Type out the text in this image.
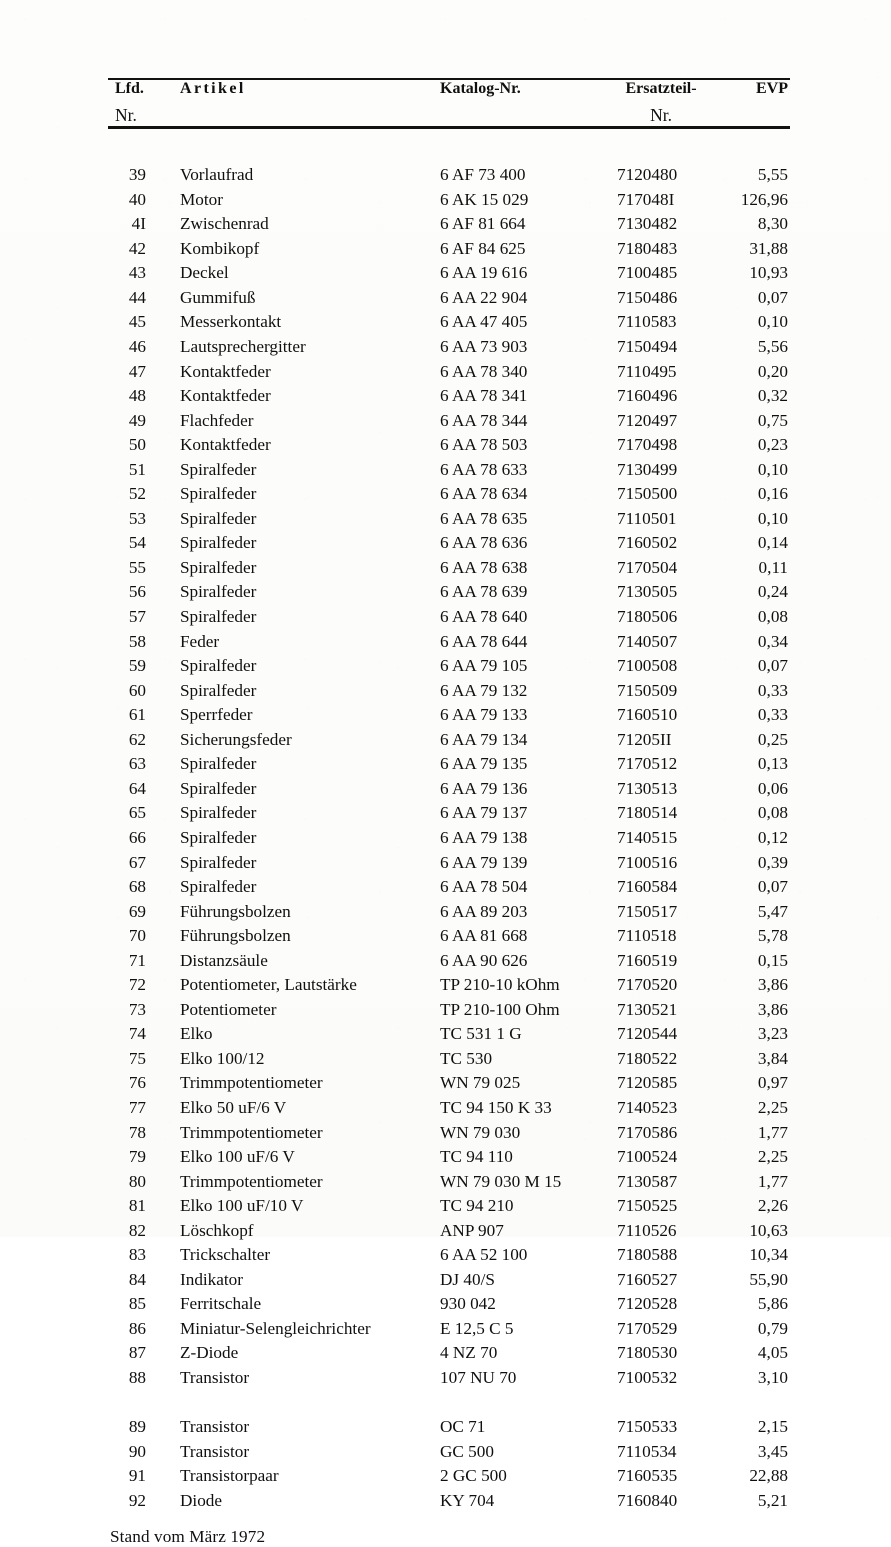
Lfd.	Artikel	Katalog-Nr.	Ersatzteil-	EVP
Nr.			Nr.	
39	Vorlaufrad	6 AF 73 400	7120480	5,55
40	Motor	6 AK 15 029	717048I	126,96
4I	Zwischenrad	6 AF 81 664	7130482	8,30
42	Kombikopf	6 AF 84 625	7180483	31,88
43	Deckel	6 AA 19 616	7100485	10,93
44	Gummifuß	6 AA 22 904	7150486	0,07
45	Messerkontakt	6 AA 47 405	7110583	0,10
46	Lautsprechergitter	6 AA 73 903	7150494	5,56
47	Kontaktfeder	6 AA 78 340	7110495	0,20
48	Kontaktfeder	6 AA 78 341	7160496	0,32
49	Flachfeder	6 AA 78 344	7120497	0,75
50	Kontaktfeder	6 AA 78 503	7170498	0,23
51	Spiralfeder	6 AA 78 633	7130499	0,10
52	Spiralfeder	6 AA 78 634	7150500	0,16
53	Spiralfeder	6 AA 78 635	7110501	0,10
54	Spiralfeder	6 AA 78 636	7160502	0,14
55	Spiralfeder	6 AA 78 638	7170504	0,11
56	Spiralfeder	6 AA 78 639	7130505	0,24
57	Spiralfeder	6 AA 78 640	7180506	0,08
58	Feder	6 AA 78 644	7140507	0,34
59	Spiralfeder	6 AA 79 105	7100508	0,07
60	Spiralfeder	6 AA 79 132	7150509	0,33
61	Sperrfeder	6 AA 79 133	7160510	0,33
62	Sicherungsfeder	6 AA 79 134	71205II	0,25
63	Spiralfeder	6 AA 79 135	7170512	0,13
64	Spiralfeder	6 AA 79 136	7130513	0,06
65	Spiralfeder	6 AA 79 137	7180514	0,08
66	Spiralfeder	6 AA 79 138	7140515	0,12
67	Spiralfeder	6 AA 79 139	7100516	0,39
68	Spiralfeder	6 AA 78 504	7160584	0,07
69	Führungsbolzen	6 AA 89 203	7150517	5,47
70	Führungsbolzen	6 AA 81 668	7110518	5,78
71	Distanzsäule	6 AA 90 626	7160519	0,15
72	Potentiometer, Lautstärke	TP 210-10 kOhm	7170520	3,86
73	Potentiometer	TP 210-100 Ohm	7130521	3,86
74	Elko	TC 531 1 G	7120544	3,23
75	Elko 100/12	TC 530	7180522	3,84
76	Trimmpotentiometer	WN 79 025	7120585	0,97
77	Elko 50 uF/6 V	TC 94 150 K 33	7140523	2,25
78	Trimmpotentiometer	WN 79 030	7170586	1,77
79	Elko 100 uF/6 V	TC 94 110	7100524	2,25
80	Trimmpotentiometer	WN 79 030 M 15	7130587	1,77
81	Elko 100 uF/10 V	TC 94 210	7150525	2,26
82	Löschkopf	ANP 907	7110526	10,63
83	Trickschalter	6 AA 52 100	7180588	10,34
84	Indikator	DJ 40/S	7160527	55,90
85	Ferritschale	930 042	7120528	5,86
86	Miniatur-Selengleichrichter	E 12,5 C 5	7170529	0,79
87	Z-Diode	4 NZ 70	7180530	4,05
88	Transistor	107 NU 70	7100532	3,10

89	Transistor	OC 71	7150533	2,15
90	Transistor	GC 500	7110534	3,45
91	Transistorpaar	2 GC 500	7160535	22,88
92	Diode	KY 704	7160840	5,21
Stand vom März 1972
